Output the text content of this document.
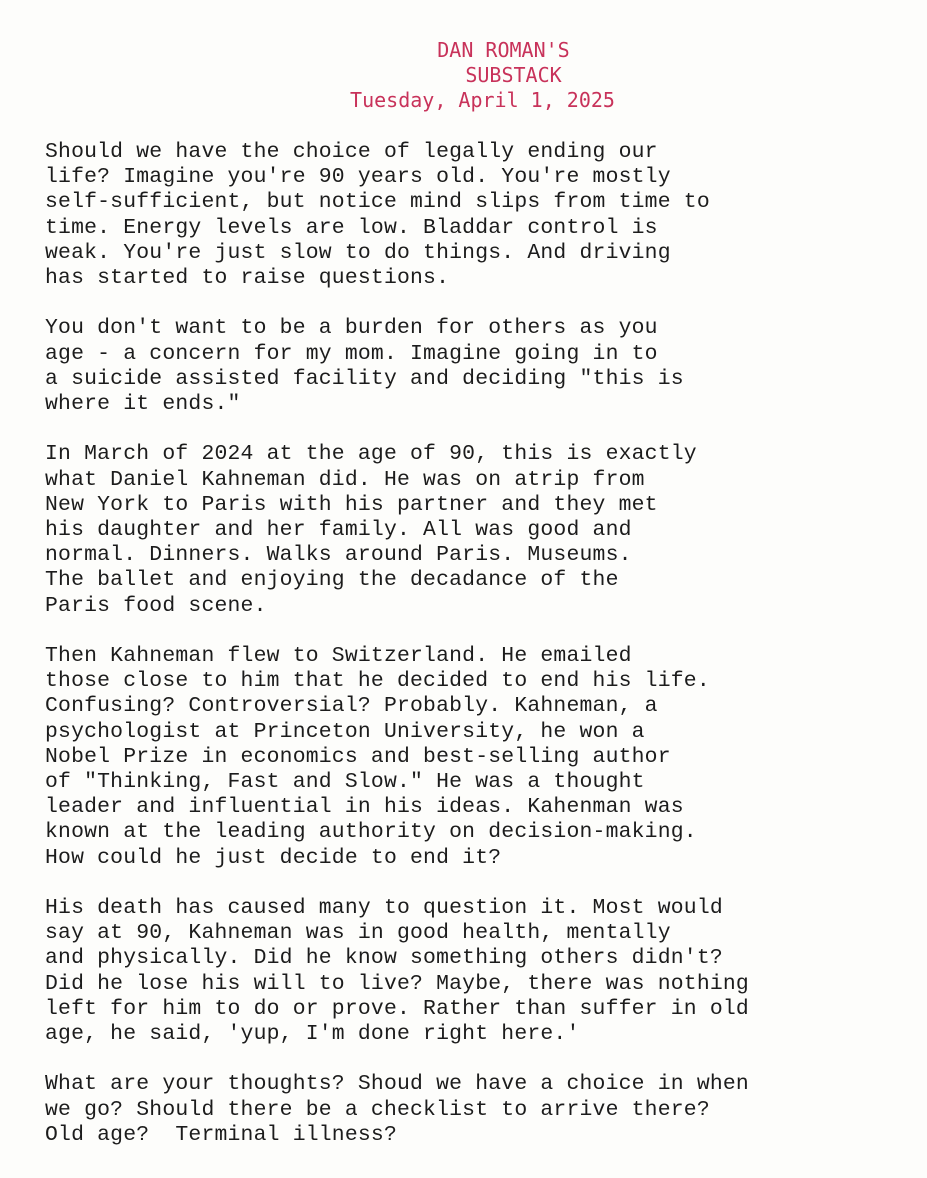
DAN ROMAN'S
SUBSTACK
Tuesday, April 1, 2025
Should we have the choice of legally ending our
life? Imagine you're 90 years old. You're mostly
self-sufficient, but notice mind slips from time to
time. Energy levels are low. Bladdar control is
weak. You're just slow to do things. And driving
has started to raise questions.
You don't want to be a burden for others as you
age - a concern for my mom. Imagine going in to
a suicide assisted facility and deciding "this is
where it ends."
In March of 2024 at the age of 90, this is exactly
what Daniel Kahneman did. He was on atrip from
New York to Paris with his partner and they met
his daughter and her family. All was good and
normal. Dinners. Walks around Paris. Museums.
The ballet and enjoying the decadance of the
Paris food scene.
Then Kahneman flew to Switzerland. He emailed
those close to him that he decided to end his life.
Confusing? Controversial? Probably. Kahneman, a
psychologist at Princeton University, he won a
Nobel Prize in economics and best-selling author
of "Thinking, Fast and Slow." He was a thought
leader and influential in his ideas. Kahenman was
known at the leading authority on decision-making.
How could he just decide to end it?
His death has caused many to question it. Most would
say at 90, Kahneman was in good health, mentally
and physically. Did he know something others didn't?
Did he lose his will to live? Maybe, there was nothing
left for him to do or prove. Rather than suffer in old
age, he said, 'yup, I'm done right here.'
What are your thoughts? Shoud we have a choice in when
we go? Should there be a checklist to arrive there?
Old age?  Terminal illness?
